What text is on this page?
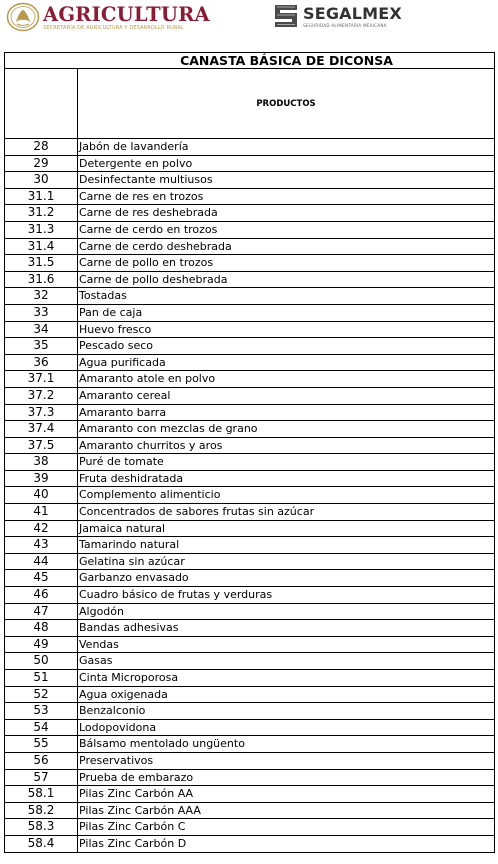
AGRICULTURA
SECRETARÍA DE AGRICULTURA Y DESARROLLO RURAL
SEGALMEX
SEGURIDAD ALIMENTARIA MEXICANA
CANASTA BÁSICA DE DICONSA	
	PRODUCTOS
28	Jabón de lavandería
29	Detergente en polvo
30	Desinfectante multiusos
31.1	Carne de res en trozos
31.2	Carne de res deshebrada
31.3	Carne de cerdo en trozos
31.4	Carne de cerdo deshebrada
31.5	Carne de pollo en trozos
31.6	Carne de pollo deshebrada
32	Tostadas
33	Pan de caja
34	Huevo fresco
35	Pescado seco
36	Agua purificada
37.1	Amaranto atole en polvo
37.2	Amaranto cereal
37.3	Amaranto barra
37.4	Amaranto con mezclas de grano
37.5	Amaranto churritos y aros
38	Puré de tomate
39	Fruta deshidratada
40	Complemento alimenticio
41	Concentrados de sabores frutas sin azúcar
42	Jamaica natural
43	Tamarindo natural
44	Gelatina sin azúcar
45	Garbanzo envasado
46	Cuadro básico de frutas y verduras
47	Algodón
48	Bandas adhesivas
49	Vendas
50	Gasas
51	Cinta Microporosa
52	Agua oxigenada
53	Benzalconio
54	Lodopovidona
55	Bálsamo mentolado ungüento
56	Preservativos
57	Prueba de embarazo
58.1	Pilas Zinc Carbón AA
58.2	Pilas Zinc Carbón AAA
58.3	Pilas Zinc Carbón C
58.4	Pilas Zinc Carbón D
